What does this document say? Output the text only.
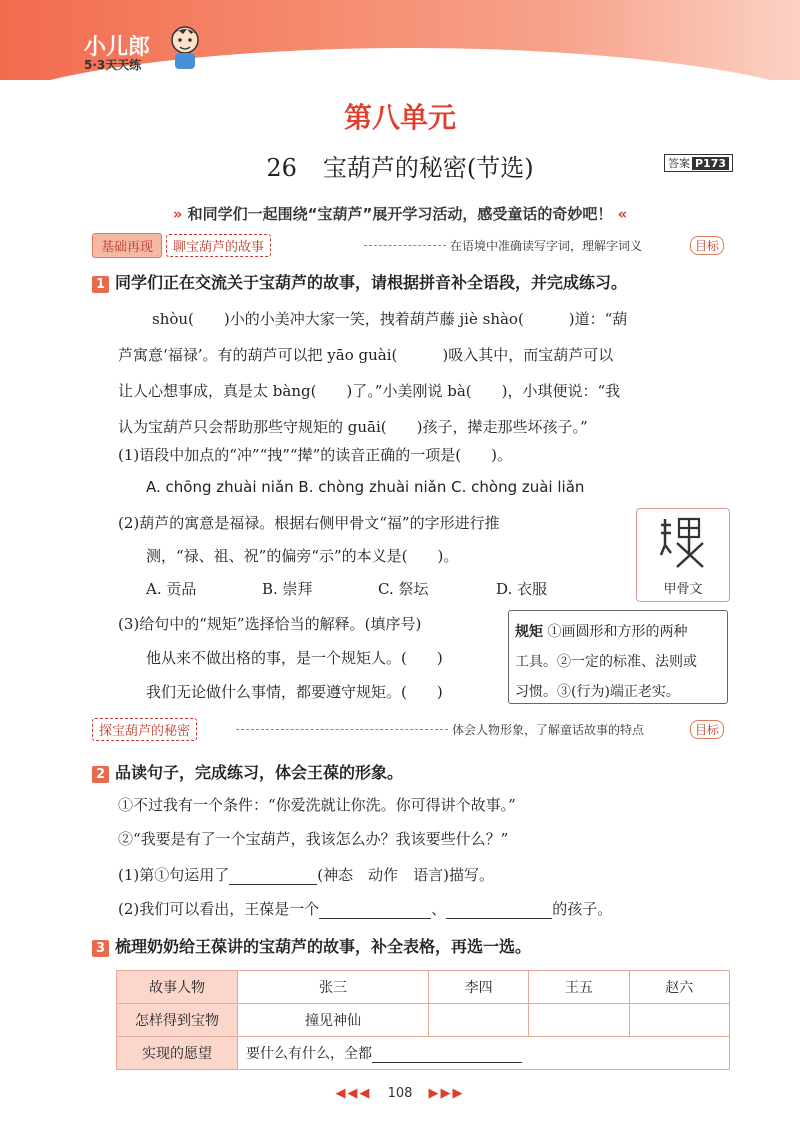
小儿郎
5·3天天练
第八单元
26 宝葫芦的秘密(节选)	答案 P173
» 和同学们一起围绕“宝葫芦”展开学习活动，感受童话的奇妙吧！ «
基础再现	聊宝葫芦的故事	在语境中准确读写字词，理解字词义	目标
1 同学们正在交流关于宝葫芦的故事，请根据拼音补全语段，并完成练习。
shòu(　　)小的小美冲大家一笑，拽着葫芦藤 jiè shào(　　　)道：“葫
芦寓意‘福禄’。有的葫芦可以把 yāo guài(　　　)吸入其中，而宝葫芦可以
让人心想事成，真是太 bàng(　　)了。”小美刚说 bà(　　)，小琪便说：“我
认为宝葫芦只会帮助那些守规矩的 guāi(　　)孩子，撵走那些坏孩子。”
(1)语段中加点的“冲”“拽”“撵”的读音正确的一项是(　　)。
A. chōng zhuài niǎn B. chòng zhuài niǎn C. chòng zuài liǎn
(2)葫芦的寓意是福禄。根据右侧甲骨文“福”的字形进行推
测，“禄、祖、祝”的偏旁“示”的本义是(　　)。
A. 贡品	B. 崇拜	C. 祭坛	D. 衣服	甲骨文
(3)给句中的“规矩”选择恰当的解释。(填序号)
他从来不做出格的事，是一个规矩人。(　　)
我们无论做什么事情，都要遵守规矩。(　　)
规矩 ①画圆形和方形的两种
工具。②一定的标准、法则或
习惯。③(行为)端正老实。
探宝葫芦的秘密	体会人物形象，了解童话故事的特点	目标
2 品读句子，完成练习，体会王葆的形象。
①不过我有一个条件：“你爱洗就让你洗。你可得讲个故事。”
②“我要是有了一个宝葫芦，我该怎么办？我该要些什么？”
(1)第①句运用了	(神态　动作　语言)描写。
(2)我们可以看出，王葆是一个	、	的孩子。
3 梳理奶奶给王葆讲的宝葫芦的故事，补全表格，再选一选。
故事人物	张三	李四	王五	赵六
怎样得到宝物	撞见神仙			
实现的愿望	要什么有什么，全都			
◀◀◀ 108 ▶▶▶
